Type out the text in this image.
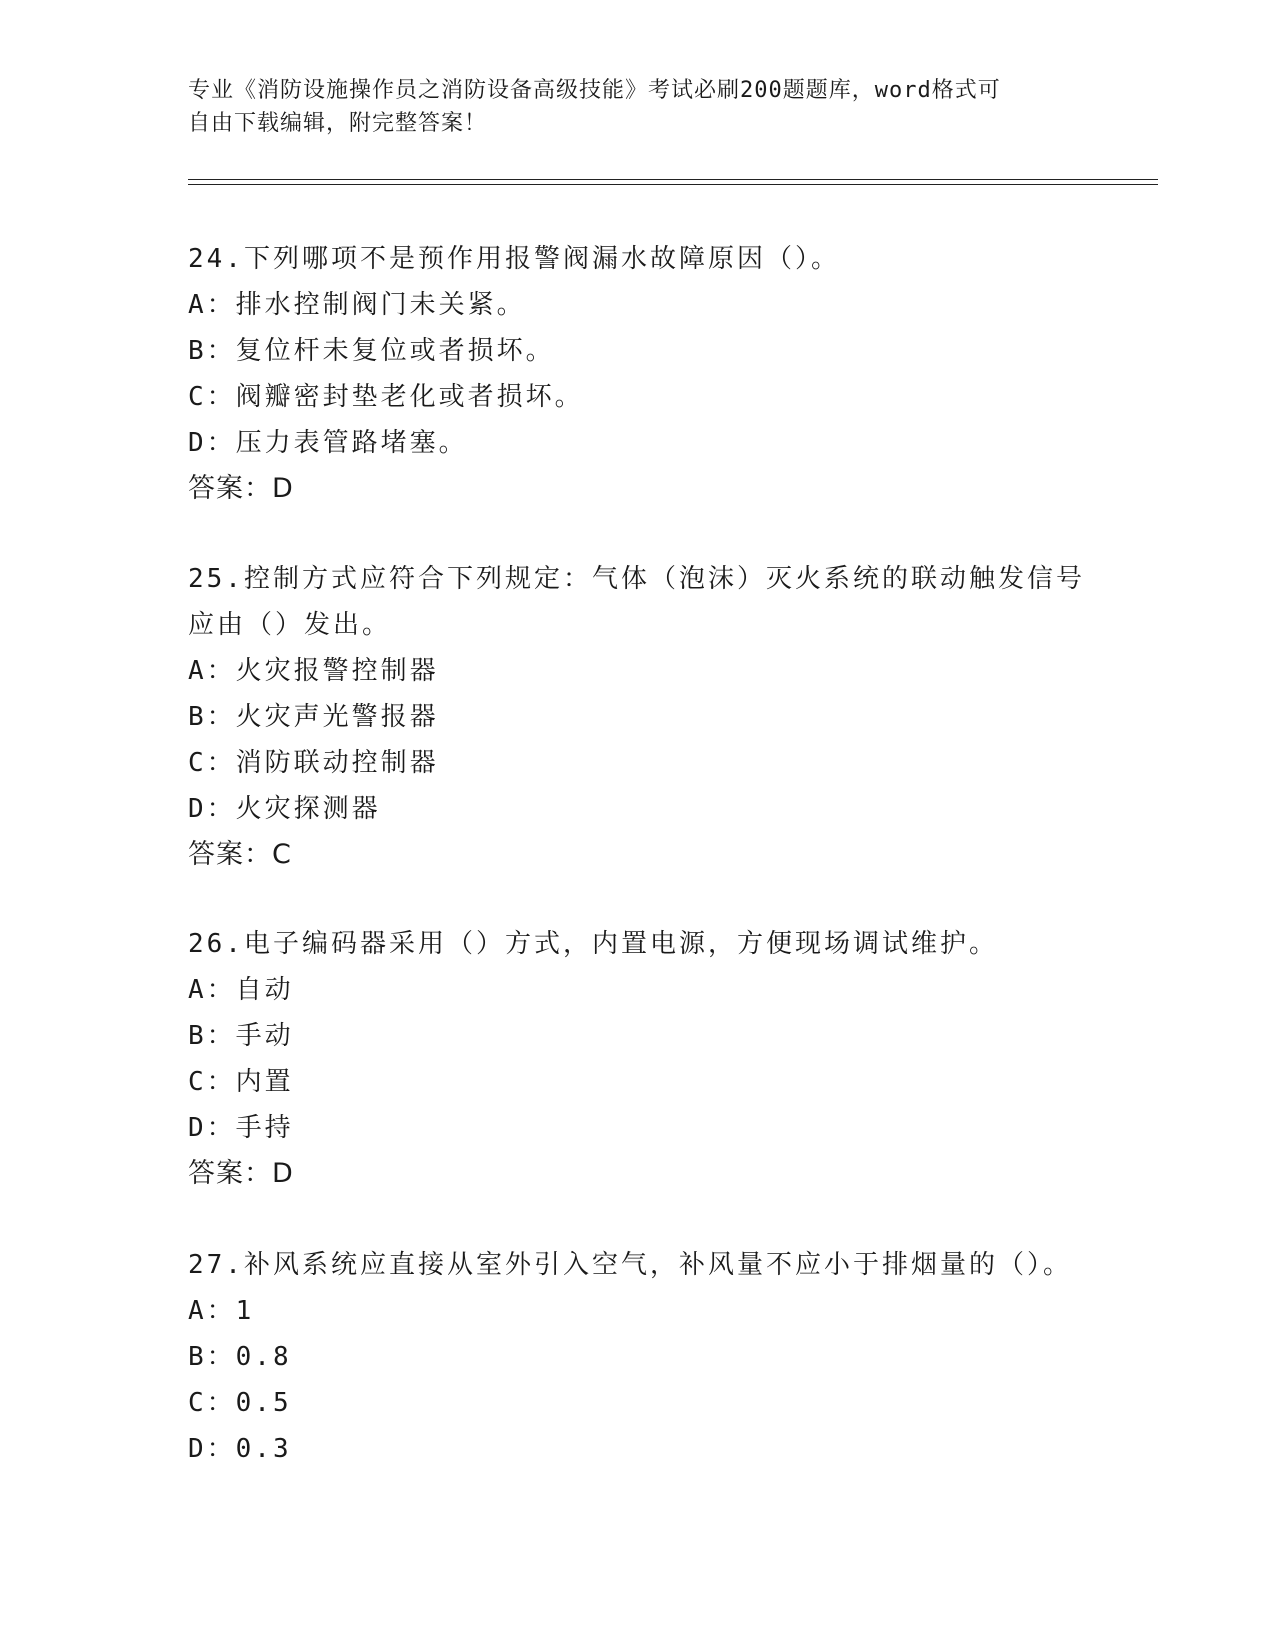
专业《消防设施操作员之消防设备高级技能》考试必刷200题题库，word格式可
自由下载编辑，附完整答案！
24.下列哪项不是预作用报警阀漏水故障原因（）。
A：排水控制阀门未关紧。
B：复位杆未复位或者损坏。
C：阀瓣密封垫老化或者损坏。
D：压力表管路堵塞。
答案：D
25.控制方式应符合下列规定：气体（泡沫）灭火系统的联动触发信号
应由（）发出。
A：火灾报警控制器
B：火灾声光警报器
C：消防联动控制器
D：火灾探测器
答案：C
26.电子编码器采用（）方式，内置电源，方便现场调试维护。
A：自动
B：手动
C：内置
D：手持
答案：D
27.补风系统应直接从室外引入空气，补风量不应小于排烟量的（）。
A：1
B：0.8
C：0.5
D：0.3
